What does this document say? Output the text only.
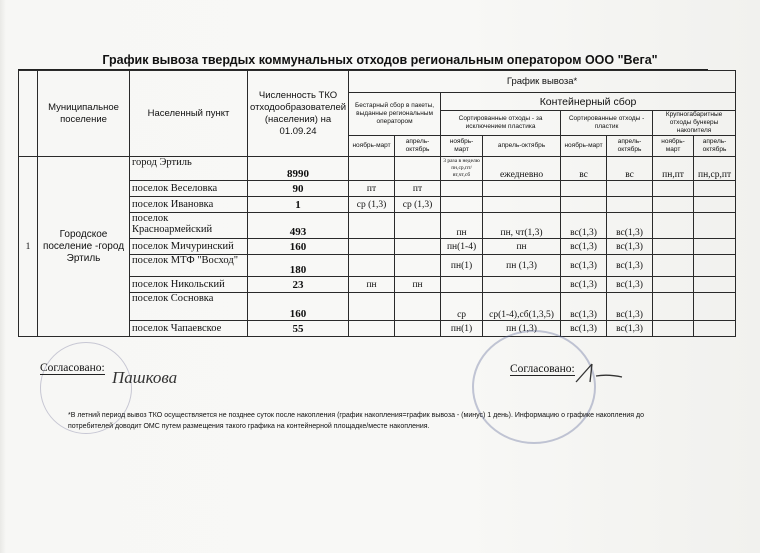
График вывоза твердых коммунальных отходов региональным оператором ООО "Вега"
	Муниципальное поселение	Населенный пункт	Численность ТКО отходообразователей (населения) на 01.09.24	График вывоза*							
				Бестарный сбор в пакеты, выданные региональным оператором		Контейнерный сбор					
						Сортированные отходы - за исключением пластика		Сортированные отходы - пластик		Крупногабаритные отходы бункеры накопителя	
				ноябрь-март	апрель-октябрь	ноябрь-март	апрель-октябрь	ноябрь-март	апрель-октябрь	ноябрь-март	апрель-октябрь
1	Городское поселение -город Эртиль	город Эртиль	8990			3 раза в неделю пн,ср,пт/вт,чт,сб	ежедневно	вс	вс	пн,пт	пн,ср,пт
		поселок Веселовка	90	пт	пт						
		поселок Ивановка	1	ср (1,3)	ср (1,3)						
		поселок Красноармейский	493			пн	пн, чт(1,3)	вс(1,3)	вс(1,3)		
		поселок Мичуринский	160			пн(1-4)	пн	вс(1,3)	вс(1,3)		
		поселок МТФ "Восход"	180			пн(1)	пн (1,3)	вс(1,3)	вс(1,3)		
		поселок Никольский	23	пн	пн			вс(1,3)	вс(1,3)		
		поселок Сосновка	160			ср	ср(1-4),сб(1,3,5)	вс(1,3)	вс(1,3)		
		поселок Чапаевское	55			пн(1)	пн (1,3)	вс(1,3)	вс(1,3)		
Согласовано: Пашкова	Согласовано:
*В летний период вывоз ТКО осуществляется не позднее суток после накопления (график накопления=график вывоза - (минус) 1 день). Информацию о графике накопления до потребителей доводит ОМС путем размещения такого графика на контейнерной площадке/месте накопления.
